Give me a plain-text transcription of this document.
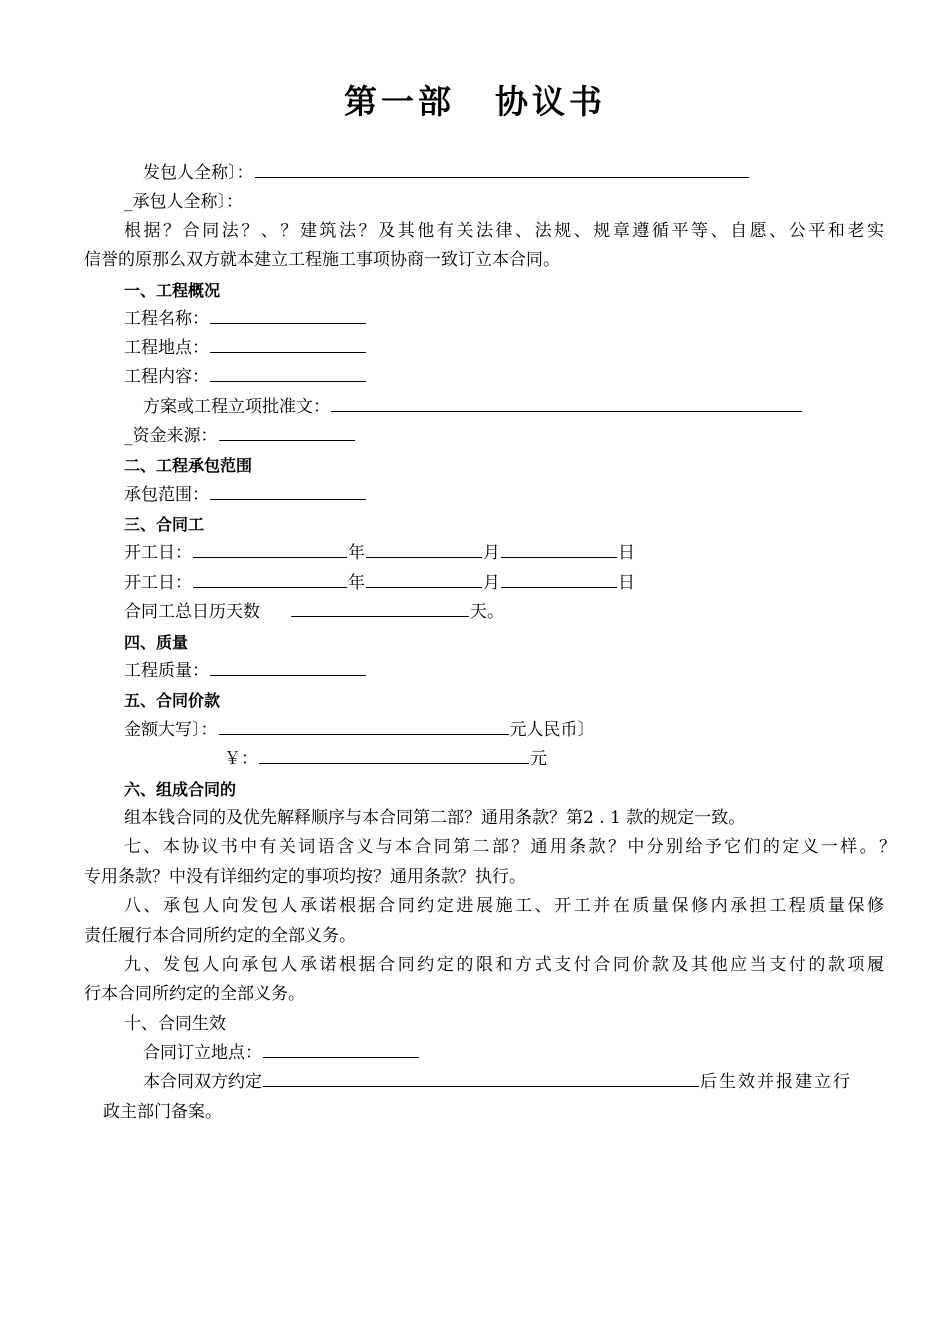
第一部 协议书
发包人全称〕：
_承包人全称〕：
根据？合同法？、？建筑法？及其他有关法律、法规、规章遵循平等、自愿、公平和老实
信誉的原那么双方就本建立工程施工事项协商一致订立本合同。
一、工程概况
工程名称：
工程地点：
工程内容：
方案或工程立项批准文：
_资金来源：
二、工程承包范围
承包范围：
三、合同工
开工日：	年	月	日
开工日：	年	月	日
合同工总日历天数	天。
四、质量
工程质量：
五、合同价款
金额大写〕：	元人民币〕
￥：	元
六、组成合同的
组本钱合同的及优先解释顺序与本合同第二部？通用条款？第2 . 1 款的规定一致。
七、本协议书中有关词语含义与本合同第二部？通用条款？中分别给予它们的定义一样。？
专用条款？中没有详细约定的事项均按？通用条款？执行。
八、承包人向发包人承诺根据合同约定进展施工、开工并在质量保修内承担工程质量保修
责任履行本合同所约定的全部义务。
九、发包人向承包人承诺根据合同约定的限和方式支付合同价款及其他应当支付的款项履
行本合同所约定的全部义务。
十、合同生效
合同订立地点：
本合同双方约定	后生效并报建立行
政主部门备案。
